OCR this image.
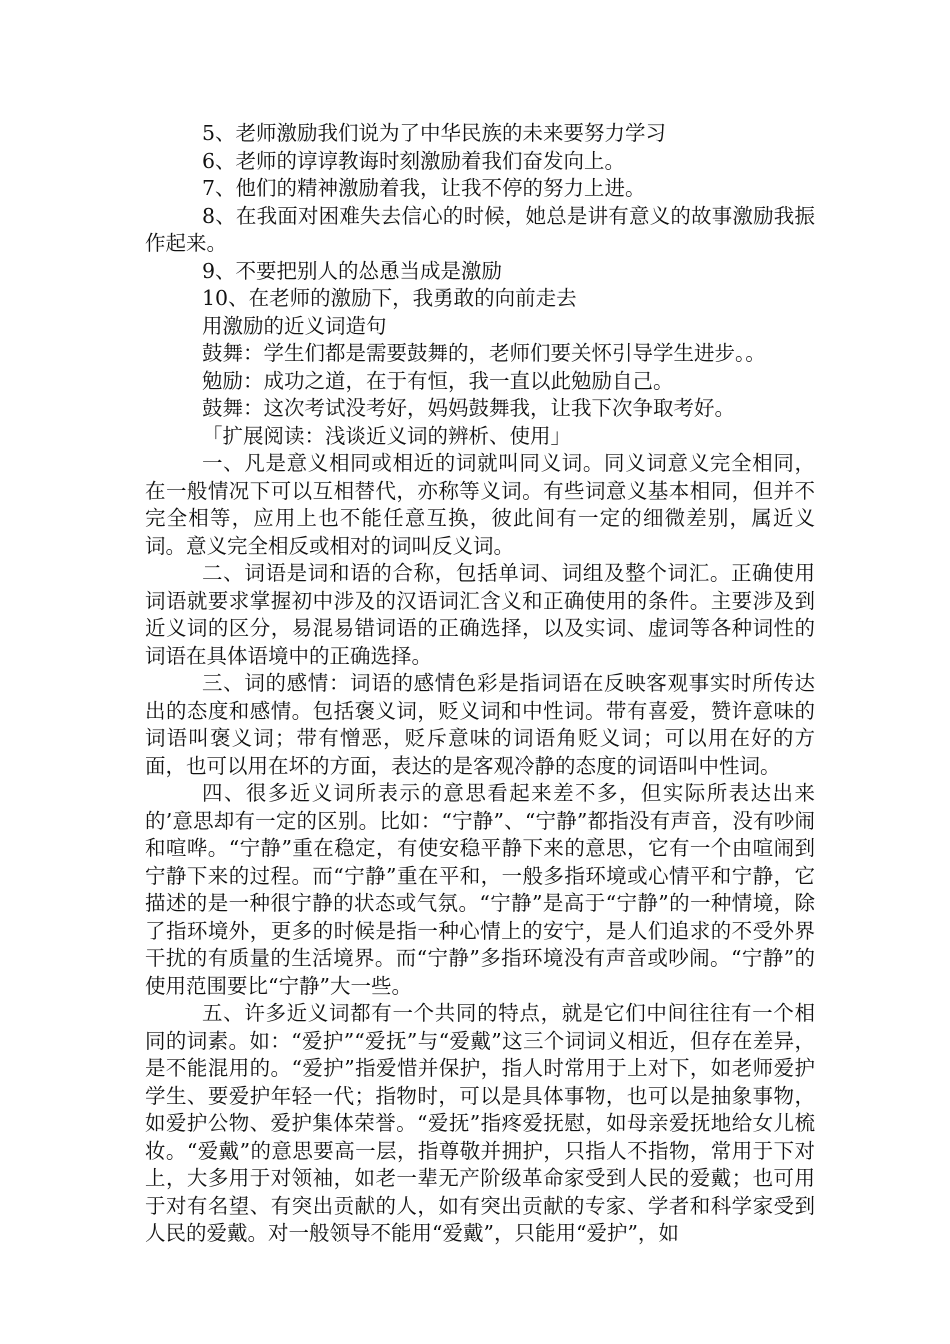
5、老师激励我们说为了中华民族的未来要努力学习

6、老师的谆谆教诲时刻激励着我们奋发向上。

7、他们的精神激励着我，让我不停的努力上进。

8、在我面对困难失去信心的时候，她总是讲有意义的故事激励我振作起来。

9、不要把别人的怂恿当成是激励

10、在老师的激励下，我勇敢的向前走去

用激励的近义词造句

鼓舞：学生们都是需要鼓舞的，老师们要关怀引导学生进步。。

勉励：成功之道，在于有恒，我一直以此勉励自己。

鼓舞：这次考试没考好，妈妈鼓舞我，让我下次争取考好。

「扩展阅读：浅谈近义词的辨析、使用」

一、凡是意义相同或相近的词就叫同义词。同义词意义完全相同，在一般情况下可以互相替代，亦称等义词。有些词意义基本相同，但并不完全相等，应用上也不能任意互换，彼此间有一定的细微差别，属近义词。意义完全相反或相对的词叫反义词。

二、词语是词和语的合称，包括单词、词组及整个词汇。正确使用词语就要求掌握初中涉及的汉语词汇含义和正确使用的条件。主要涉及到近义词的区分，易混易错词语的正确选择，以及实词、虚词等各种词性的词语在具体语境中的正确选择。

三、词的感情：词语的感情色彩是指词语在反映客观事实时所传达出的态度和感情。包括褒义词，贬义词和中性词。带有喜爱，赞许意味的词语叫褒义词；带有憎恶，贬斥意味的词语角贬义词；可以用在好的方面，也可以用在坏的方面，表达的是客观冷静的态度的词语叫中性词。

四、很多近义词所表示的意思看起来差不多，但实际所表达出来的’意思却有一定的区别。比如：“宁静”、“宁静”都指没有声音，没有吵闹和喧哗。“宁静”重在稳定，有使安稳平静下来的意思，它有一个由喧闹到宁静下来的过程。而“宁静”重在平和，一般多指环境或心情平和宁静，它描述的是一种很宁静的状态或气氛。“宁静”是高于“宁静”的一种情境，除了指环境外，更多的时候是指一种心情上的安宁，是人们追求的不受外界干扰的有质量的生活境界。而“宁静”多指环境没有声音或吵闹。“宁静”的使用范围要比“宁静”大一些。

五、许多近义词都有一个共同的特点，就是它们中间往往有一个相同的词素。如：“爱护”“爱抚”与“爱戴”这三个词词义相近，但存在差异，是不能混用的。“爱护”指爱惜并保护，指人时常用于上对下，如老师爱护学生、要爱护年轻一代；指物时，可以是具体事物，也可以是抽象事物，如爱护公物、爱护集体荣誉。“爱抚”指疼爱抚慰，如母亲爱抚地给女儿梳妆。“爱戴”的意思要高一层，指尊敬并拥护，只指人不指物，常用于下对上，大多用于对领袖，如老一辈无产阶级革命家受到人民的爱戴；也可用于对有名望、有突出贡献的人，如有突出贡献的专家、学者和科学家受到人民的爱戴。对一般领导不能用“爱戴”，只能用“爱护”，如
